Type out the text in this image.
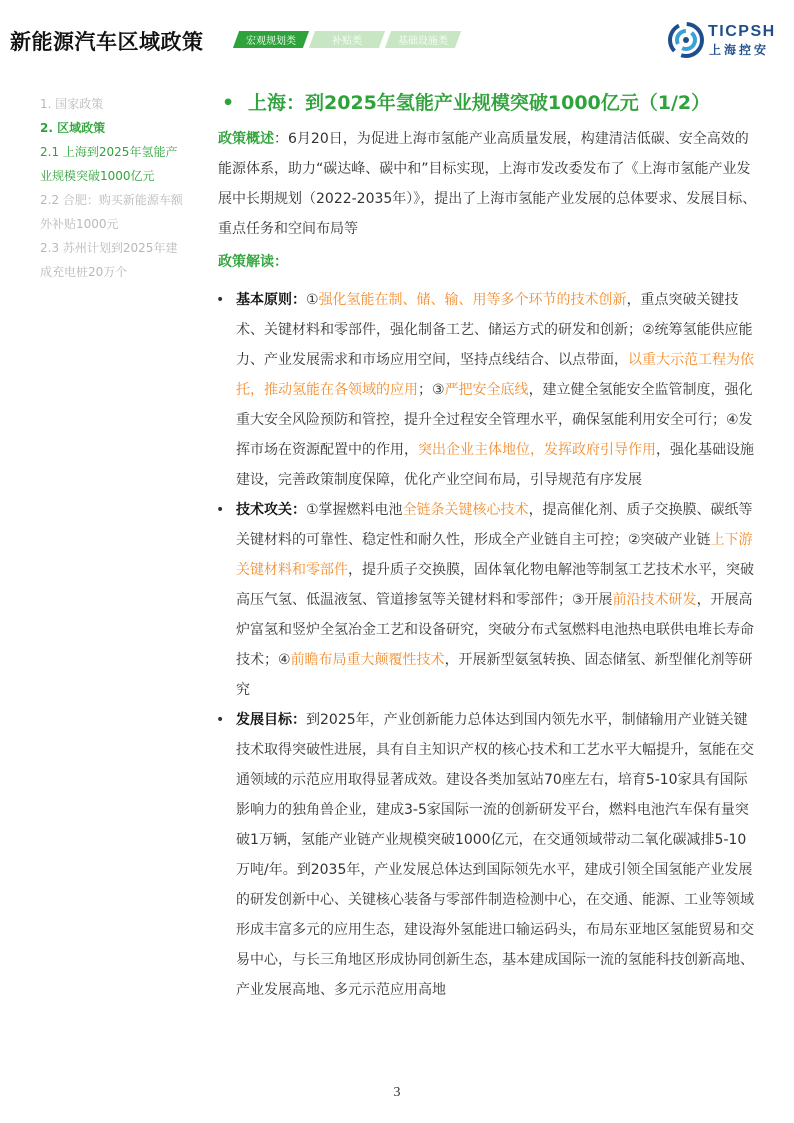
新能源汽车区域政策	宏观规划类	补贴类	基础设施类
TICPSH
上海控安
1. 国家政策
2. 区域政策
2.1 上海到2025年氢能产
业规模突破1000亿元
2.2 合肥：购买新能源车额
外补贴1000元
2.3 苏州计划到2025年建
成充电桩20万个
• 上海：到2025年氢能产业规模突破1000亿元（1/2）
政策概述：6月20日，为促进上海市氢能产业高质量发展，构建清洁低碳、安全高效的能源体系，助力“碳达峰、碳中和”目标实现，上海市发改委发布了《上海市氢能产业发展中长期规划（2022-2035年）》，提出了上海市氢能产业发展的总体要求、发展目标、重点任务和空间布局等
政策解读：
• 基本原则：①强化氢能在制、储、输、用等多个环节的技术创新，重点突破关键技术、关键材料和零部件，强化制备工艺、储运方式的研发和创新；②统筹氢能供应能力、产业发展需求和市场应用空间，坚持点线结合、以点带面，以重大示范工程为依托，推动氢能在各领域的应用；③严把安全底线，建立健全氢能安全监管制度，强化重大安全风险预防和管控，提升全过程安全管理水平，确保氢能利用安全可行；④发挥市场在资源配置中的作用，突出企业主体地位，发挥政府引导作用，强化基础设施建设，完善政策制度保障，优化产业空间布局，引导规范有序发展
• 技术攻关：①掌握燃料电池全链条关键核心技术，提高催化剂、质子交换膜、碳纸等关键材料的可靠性、稳定性和耐久性，形成全产业链自主可控；②突破产业链上下游关键材料和零部件，提升质子交换膜，固体氧化物电解池等制氢工艺技术水平，突破高压气氢、低温液氢、管道掺氢等关键材料和零部件；③开展前沿技术研发，开展高炉富氢和竖炉全氢冶金工艺和设备研究，突破分布式氢燃料电池热电联供电堆长寿命技术；④前瞻布局重大颠覆性技术，开展新型氨氢转换、固态储氢、新型催化剂等研究
• 发展目标：到2025年，产业创新能力总体达到国内领先水平，制储输用产业链关键技术取得突破性进展，具有自主知识产权的核心技术和工艺水平大幅提升，氢能在交通领域的示范应用取得显著成效。建设各类加氢站70座左右，培育5-10家具有国际影响力的独角兽企业，建成3-5家国际一流的创新研发平台，燃料电池汽车保有量突破1万辆，氢能产业链产业规模突破1000亿元，在交通领域带动二氧化碳减排5-10万吨/年。到2035年，产业发展总体达到国际领先水平，建成引领全国氢能产业发展的研发创新中心、关键核心装备与零部件制造检测中心，在交通、能源、工业等领域形成丰富多元的应用生态，建设海外氢能进口输运码头，布局东亚地区氢能贸易和交易中心，与长三角地区形成协同创新生态，基本建成国际一流的氢能科技创新高地、产业发展高地、多元示范应用高地
3
